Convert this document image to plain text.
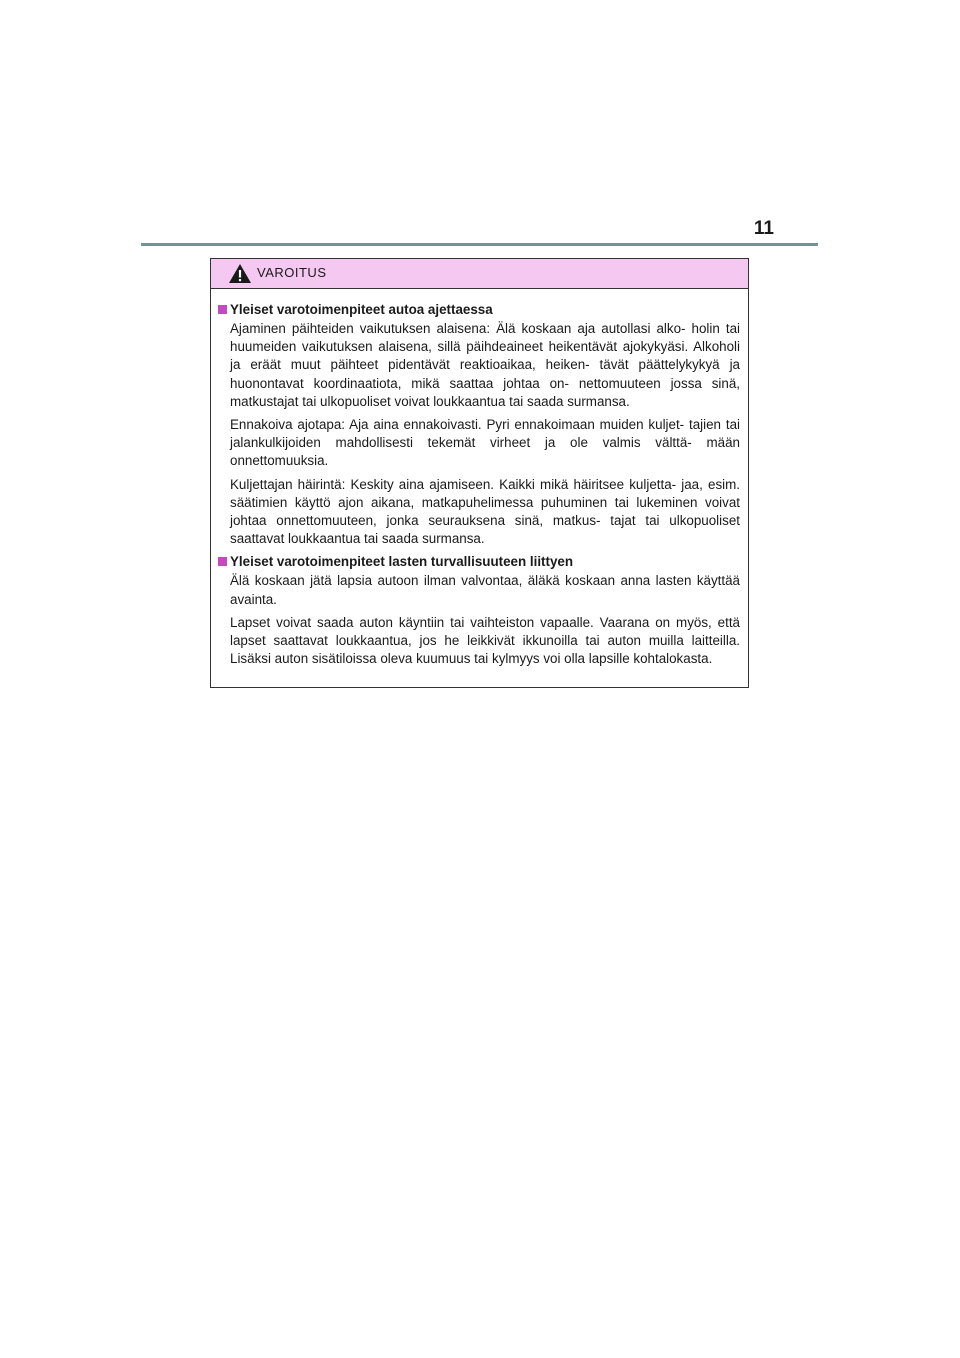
11
VAROITUS
Yleiset varotoimenpiteet autoa ajettaessa

Ajaminen päihteiden vaikutuksen alaisena: Älä koskaan aja autollasi alko- holin tai huumeiden vaikutuksen alaisena, sillä päihdeaineet heikentävät ajokykyäsi. Alkoholi ja eräät muut päihteet pidentävät reaktioaikaa, heiken- tävät päättelykykyä ja huonontavat koordinaatiota, mikä saattaa johtaa on- nettomuuteen jossa sinä, matkustajat tai ulkopuoliset voivat loukkaantua tai saada surmansa.

Ennakoiva ajotapa: Aja aina ennakoivasti. Pyri ennakoimaan muiden kuljet- tajien tai jalankulkijoiden mahdollisesti tekemät virheet ja ole valmis välttä- mään onnettomuuksia.

Kuljettajan häirintä: Keskity aina ajamiseen. Kaikki mikä häiritsee kuljetta- jaa, esim. säätimien käyttö ajon aikana, matkapuhelimessa puhuminen tai lukeminen voivat johtaa onnettomuuteen, jonka seurauksena sinä, matkus- tajat tai ulkopuoliset saattavat loukkaantua tai saada surmansa.

Yleiset varotoimenpiteet lasten turvallisuuteen liittyen

Älä koskaan jätä lapsia autoon ilman valvontaa, äläkä koskaan anna lasten käyttää avainta.

Lapset voivat saada auton käyntiin tai vaihteiston vapaalle. Vaarana on myös, että lapset saattavat loukkaantua, jos he leikkivät ikkunoilla tai auton muilla laitteilla. Lisäksi auton sisätiloissa oleva kuumuus tai kylmyys voi olla lapsille kohtalokasta.
